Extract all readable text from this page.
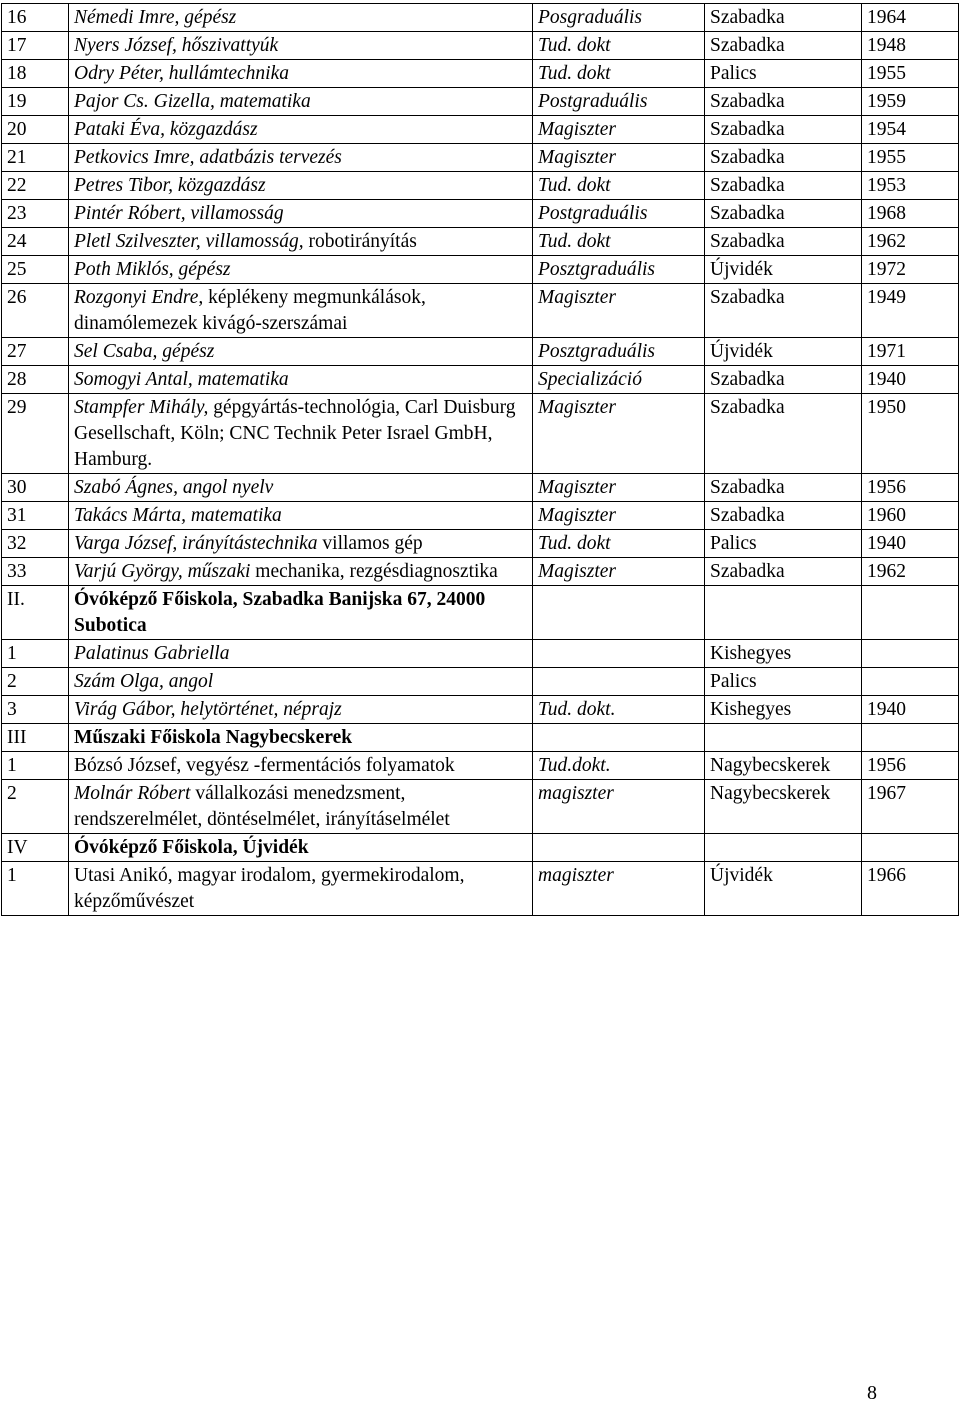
16	Némedi Imre, gépész	Posgraduális	Szabadka	1964
17	Nyers József, hőszivattyúk	Tud. dokt	Szabadka	1948
18	Odry Péter, hullámtechnika	Tud. dokt	Palics	1955
19	Pajor Cs. Gizella, matematika	Postgraduális	Szabadka	1959
20	Pataki Éva, közgazdász	Magiszter	Szabadka	1954
21	Petkovics Imre, adatbázis tervezés	Magiszter	Szabadka	1955
22	Petres Tibor, közgazdász	Tud. dokt	Szabadka	1953
23	Pintér Róbert, villamosság	Postgraduális	Szabadka	1968
24	Pletl Szilveszter, villamosság, robotirányítás	Tud. dokt	Szabadka	1962
25	Poth Miklós, gépész	Posztgraduális	Újvidék	1972
26	Rozgonyi Endre, képlékeny megmunkálások, dinamólemezek kivágó-szerszámai	Magiszter	Szabadka	1949
27	Sel Csaba, gépész	Posztgraduális	Újvidék	1971
28	Somogyi Antal, matematika	Specializáció	Szabadka	1940
29	Stampfer Mihály, gépgyártás-technológia, Carl Duisburg Gesellschaft, Köln; CNC Technik Peter Israel GmbH, Hamburg.	Magiszter	Szabadka	1950
30	Szabó Ágnes, angol nyelv	Magiszter	Szabadka	1956
31	Takács Márta, matematika	Magiszter	Szabadka	1960
32	Varga József, irányítástechnika villamos gép	Tud. dokt	Palics	1940
33	Varjú György, műszaki mechanika, rezgésdiagnosztika	Magiszter	Szabadka	1962
II.	Óvóképző Főiskola, Szabadka Banijska 67, 24000 Subotica			
1	Palatinus Gabriella		Kishegyes	
2	Szám Olga, angol		Palics	
3	Virág Gábor, helytörténet, néprajz	Tud. dokt.	Kishegyes	1940
III	Műszaki Főiskola Nagybecskerek			
1	Bózsó József, vegyész -fermentációs folyamatok	Tud.dokt.	Nagybecskerek	1956
2	Molnár Róbert vállalkozási menedzsment, rendszerelmélet, döntéselmélet, irányításelmélet	magiszter	Nagybecskerek	1967
IV	Óvóképző Főiskola, Újvidék			
1	Utasi Anikó, magyar irodalom, gyermekirodalom, képzőművészet	magiszter	Újvidék	1966
8
